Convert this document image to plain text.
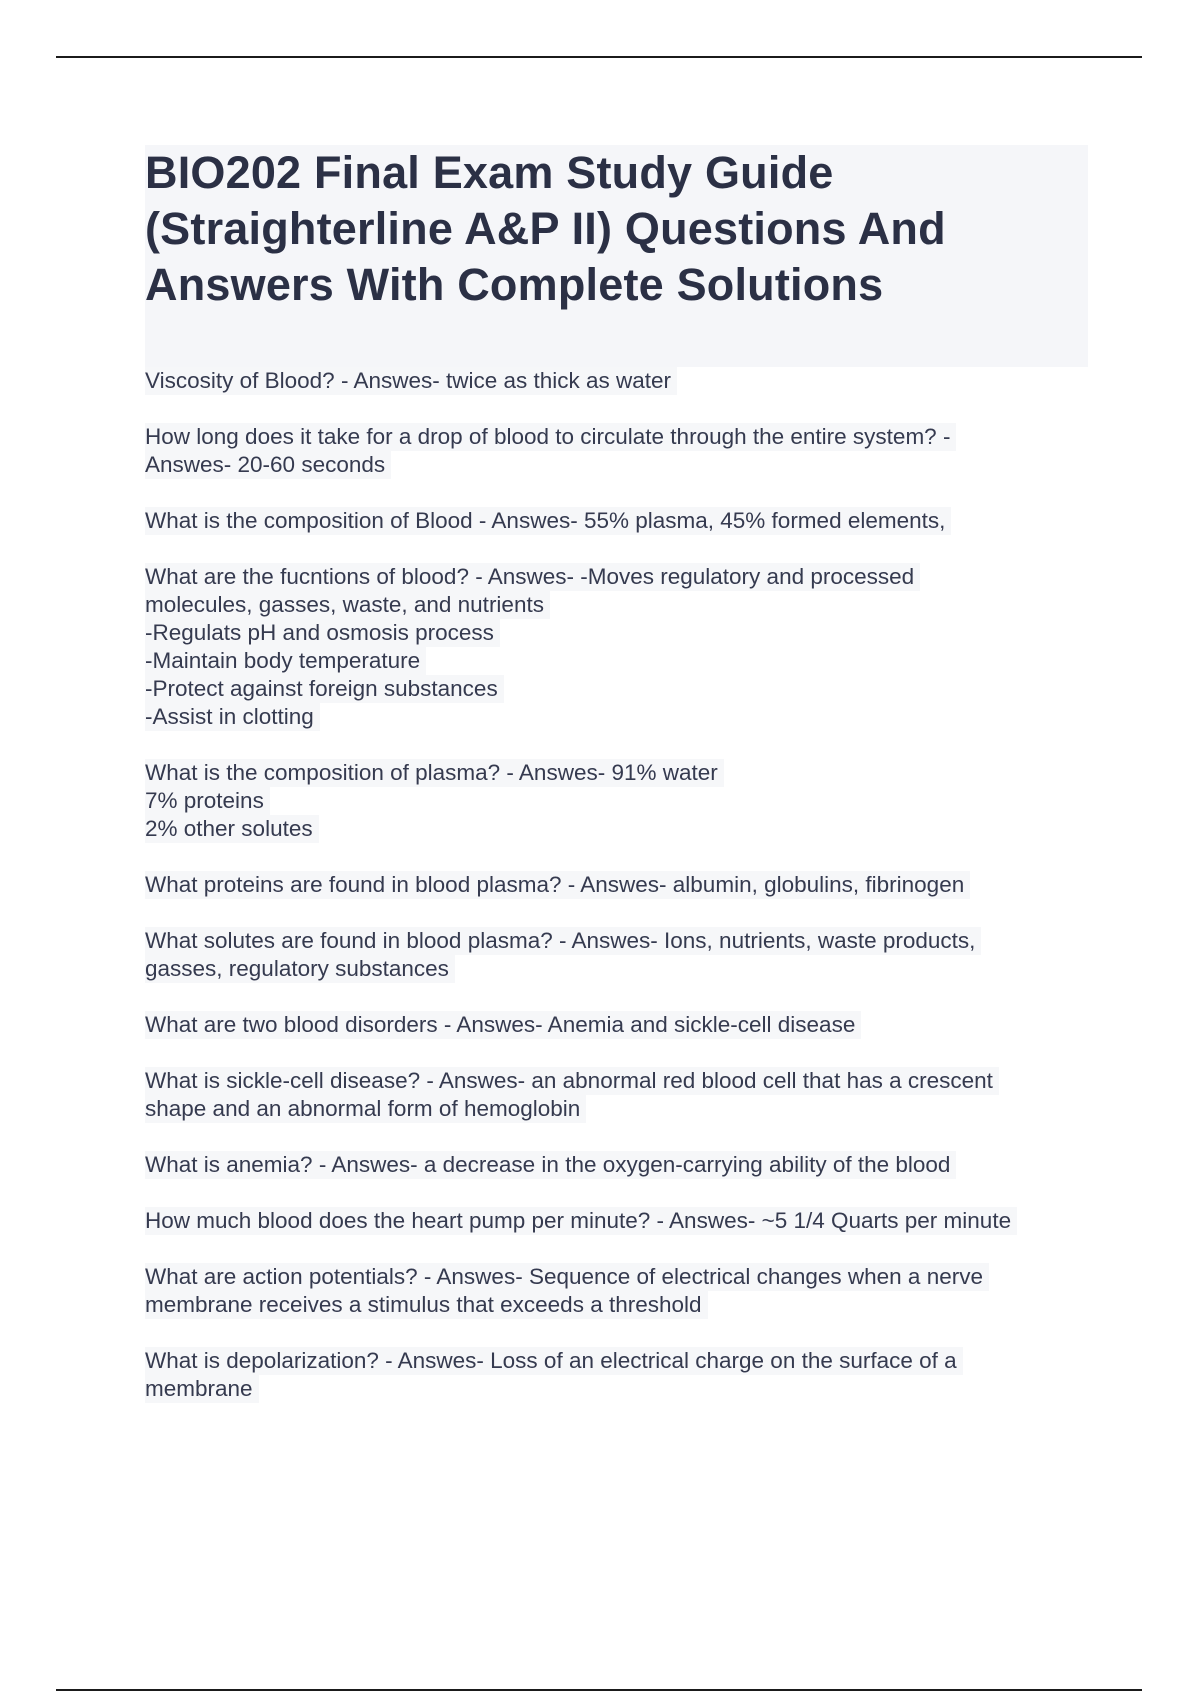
BIO202 Final Exam Study Guide
(Straighterline A&P II) Questions And
Answers With Complete Solutions

Viscosity of Blood? - Answes- twice as thick as water

How long does it take for a drop of blood to circulate through the entire system? -
Answes- 20-60 seconds

What is the composition of Blood - Answes- 55% plasma, 45% formed elements,

What are the fucntions of blood? - Answes- -Moves regulatory and processed
molecules, gasses, waste, and nutrients
-Regulats pH and osmosis process
-Maintain body temperature
-Protect against foreign substances
-Assist in clotting

What is the composition of plasma? - Answes- 91% water
7% proteins
2% other solutes

What proteins are found in blood plasma? - Answes- albumin, globulins, fibrinogen

What solutes are found in blood plasma? - Answes- Ions, nutrients, waste products,
gasses, regulatory substances

What are two blood disorders - Answes- Anemia and sickle-cell disease

What is sickle-cell disease? - Answes- an abnormal red blood cell that has a crescent
shape and an abnormal form of hemoglobin

What is anemia? - Answes- a decrease in the oxygen-carrying ability of the blood

How much blood does the heart pump per minute? - Answes- ~5 1/4 Quarts per minute

What are action potentials? - Answes- Sequence of electrical changes when a nerve
membrane receives a stimulus that exceeds a threshold

What is depolarization? - Answes- Loss of an electrical charge on the surface of a
membrane
